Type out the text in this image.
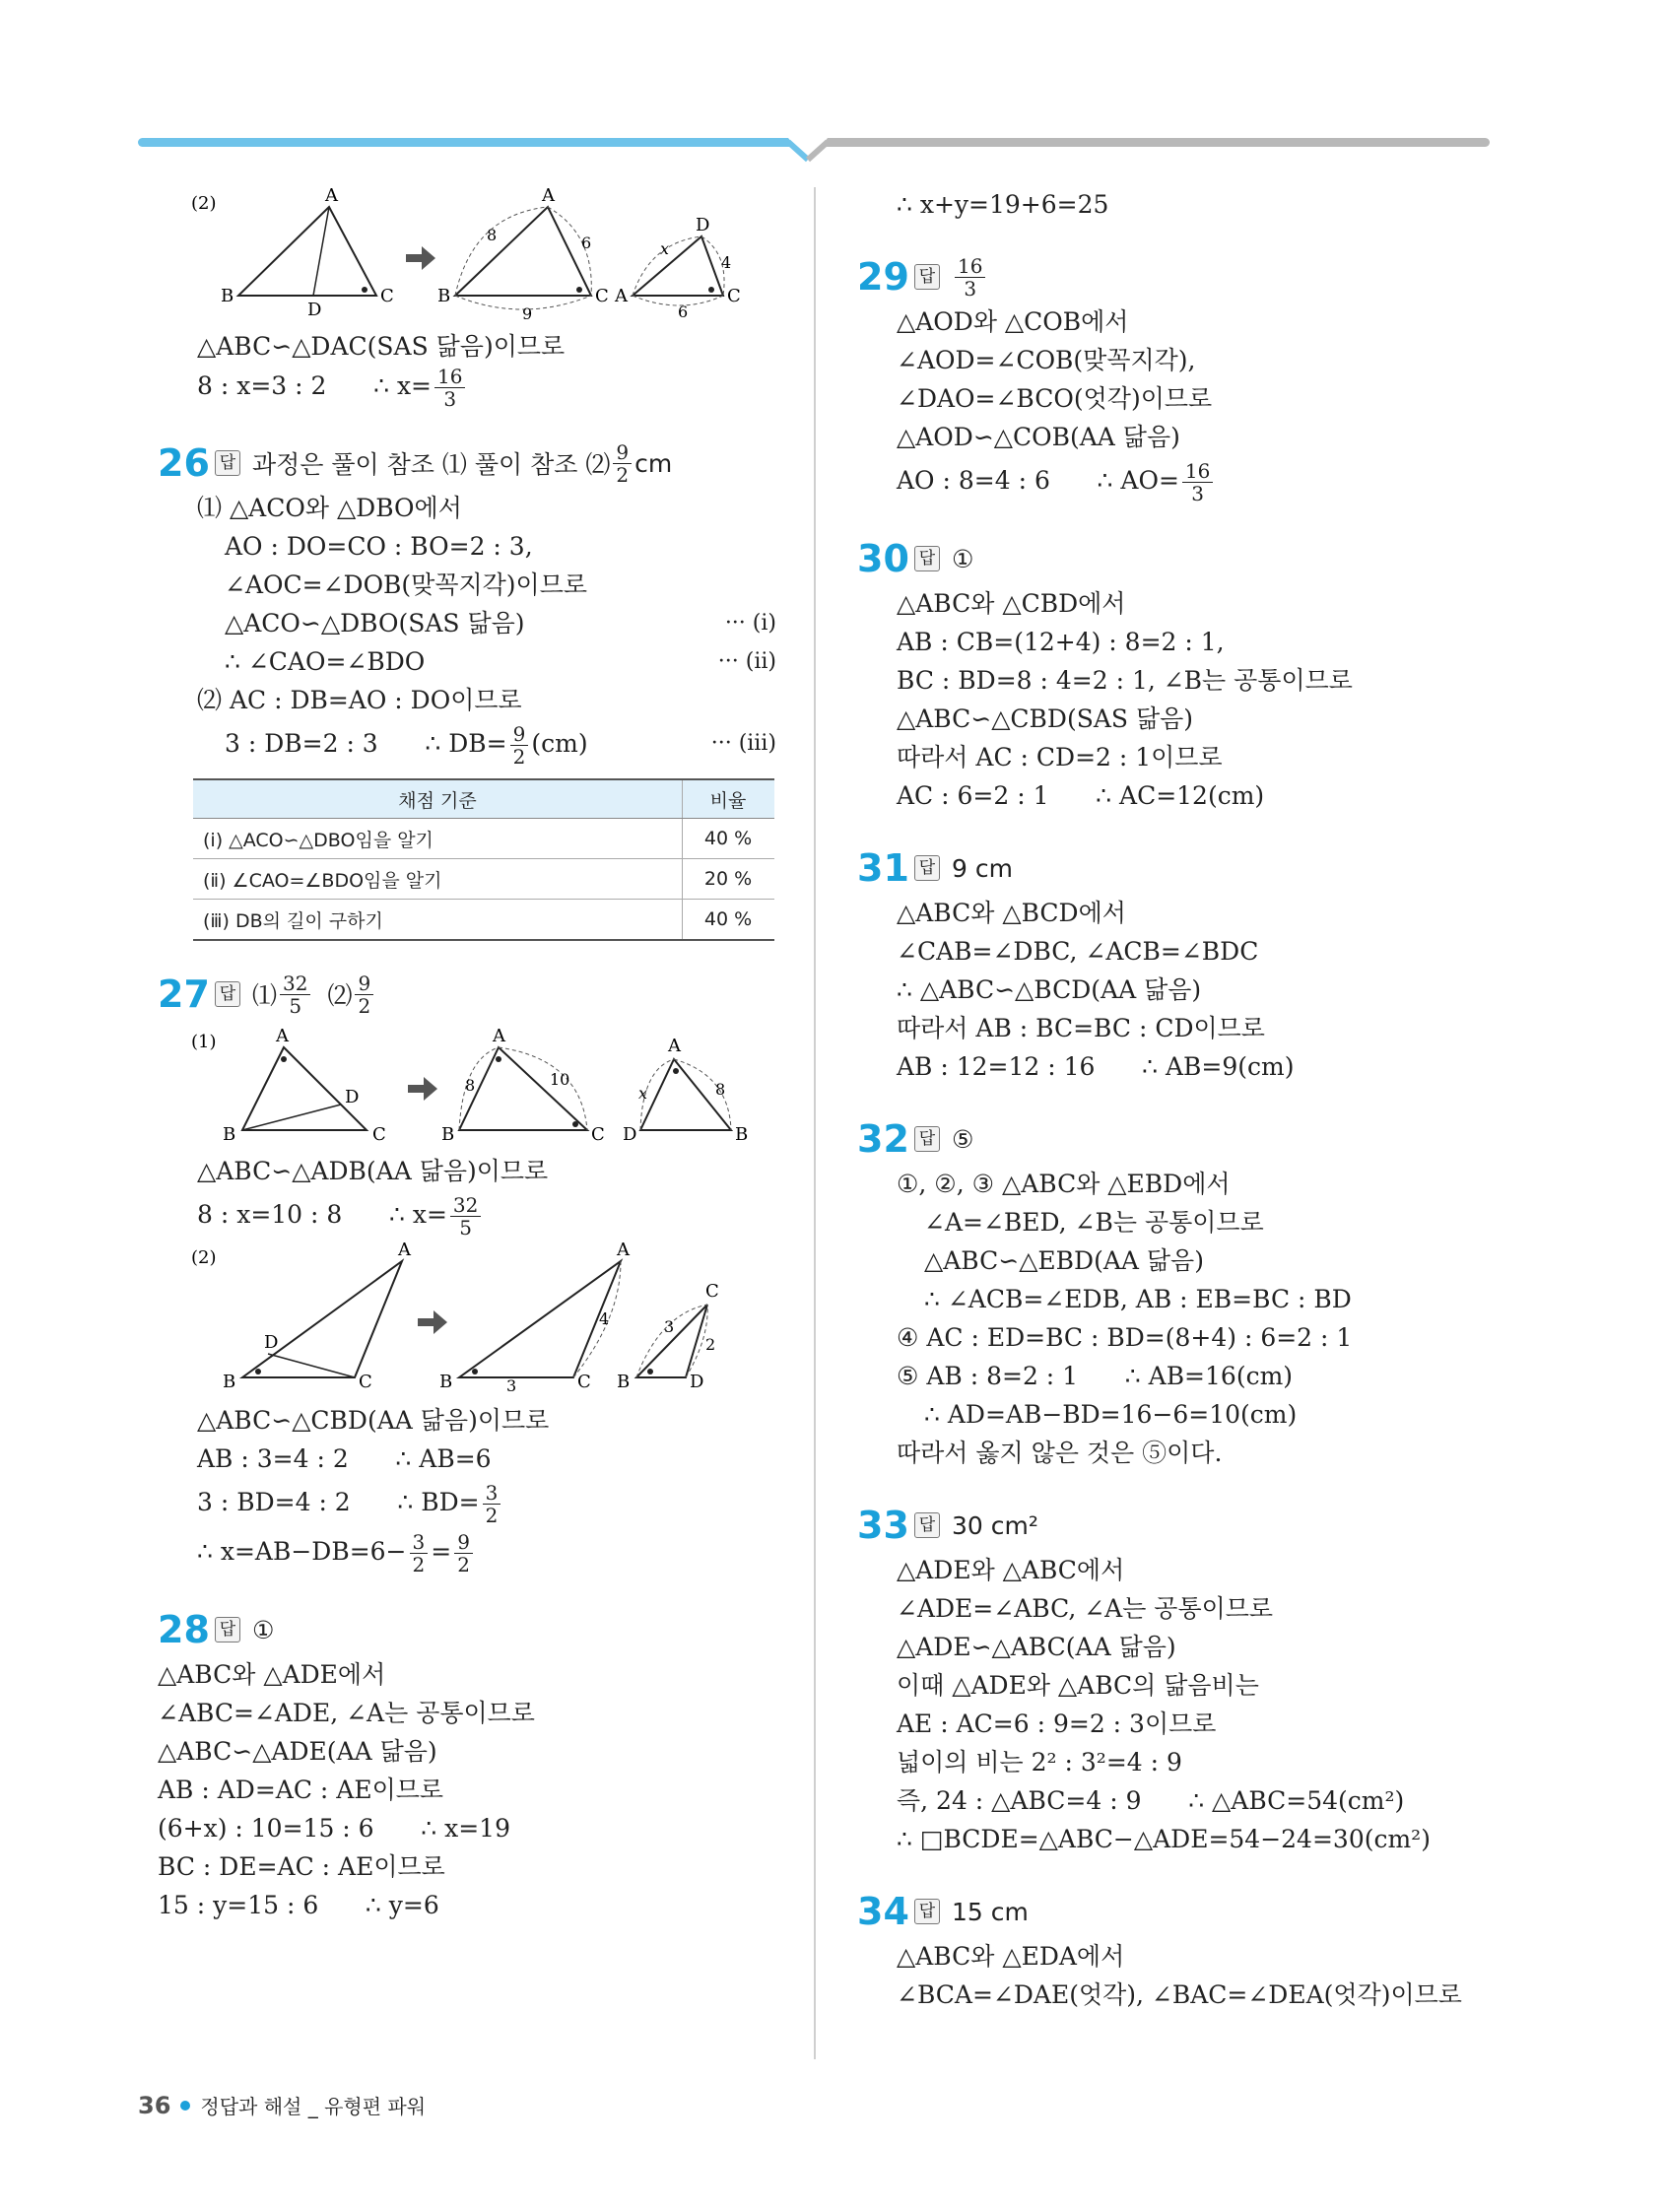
(2)	A
B	C
D
A
B	C
8	6
9
D
A	C
x
4
6
△ABC∽△DAC(SAS 닮음)이므로
8 : x=3 : 2 ∴ $x= \frac{16}{3}$
26 답 과정은 풀이 참조 ⑴ 풀이 참조 ⑵ $\frac{9}{2}$ cm
⑴ △ACO와 △DBO에서
AO : DO=CO : BO=2 : 3,
∠AOC=∠DOB(맞꼭지각)이므로
△ACO∽△DBO(SAS 닮음)	··· (ⅰ)
∴ ∠CAO=∠BDO	··· (ⅱ)
⑵ AC : DB=AO : DO이므로
3 : DB=2 : 3 ∴ $DB= \frac{9}{2} (cm)$	··· (ⅲ)
채점 기준	비율
(ⅰ) △ACO∽△DBO임을 알기	40 %
(ⅱ) ∠CAO=∠BDO임을 알기	20 %
(ⅲ) DB의 길이 구하기	40 %
27 답 ⑴ $\frac{32}{5}$ ⑵ $\frac{9}{2}$
(1)	A
B	C
D
A
B	C
8	10
A
D	B
x	8
△ABC∽△ADB(AA 닮음)이므로
8 : x=10 : 8 ∴ $x= \frac{32}{5}$
(2)	A
B	C
D
A
B	C
4
3
C
B	D
3
2
△ABC∽△CBD(AA 닮음)이므로
AB : 3=4 : 2 ∴ AB=6
3 : BD=4 : 2 ∴ $BD= \frac{3}{2}$
∴ $x=AB-DB=6- \frac{3}{2} = \frac{9}{2}$
28 답 ①
△ABC와 △ADE에서
∠ABC=∠ADE, ∠A는 공통이므로
△ABC∽△ADE(AA 닮음)
AB : AD=AC : AE이므로
(6+x) : 10=15 : 6 ∴ x=19
BC : DE=AC : AE이므로
15 : y=15 : 6 ∴ y=6
∴ x+y=19+6=25
29 답 $\frac{16}{3}$
△AOD와 △COB에서
∠AOD=∠COB(맞꼭지각),
∠DAO=∠BCO(엇각)이므로
△AOD∽△COB(AA 닮음)
AO : 8=4 : 6 ∴ $AO= \frac{16}{3}$
30 답 ①
△ABC와 △CBD에서
AB : CB=(12+4) : 8=2 : 1,
BC : BD=8 : 4=2 : 1, ∠B는 공통이므로
△ABC∽△CBD(SAS 닮음)
따라서 AC : CD=2 : 1이므로
AC : 6=2 : 1 ∴ AC=12(cm)
31 답 9 cm
△ABC와 △BCD에서
∠CAB=∠DBC, ∠ACB=∠BDC
∴ △ABC∽△BCD(AA 닮음)
따라서 AB : BC=BC : CD이므로
AB : 12=12 : 16 ∴ AB=9(cm)
32 답 ⑤
①, ②, ③ △ABC와 △EBD에서
∠A=∠BED, ∠B는 공통이므로
△ABC∽△EBD(AA 닮음)
∴ ∠ACB=∠EDB, AB : EB=BC : BD
④ AC : ED=BC : BD=(8+4) : 6=2 : 1
⑤ AB : 8=2 : 1 ∴ AB=16(cm)
∴ AD=AB−BD=16−6=10(cm)
따라서 옳지 않은 것은 ⑤이다.
33 답 30 cm²
△ADE와 △ABC에서
∠ADE=∠ABC, ∠A는 공통이므로
△ADE∽△ABC(AA 닮음)
이때 △ADE와 △ABC의 닮음비는
AE : AC=6 : 9=2 : 3이므로
넓이의 비는 2² : 3²=4 : 9
즉, 24 : △ABC=4 : 9 ∴ △ABC=54(cm²)
∴ □BCDE=△ABC−△ADE=54−24=30(cm²)
34 답 15 cm
△ABC와 △EDA에서
∠BCA=∠DAE(엇각), ∠BAC=∠DEA(엇각)이므로
36 정답과 해설 _ 유형편 파워
